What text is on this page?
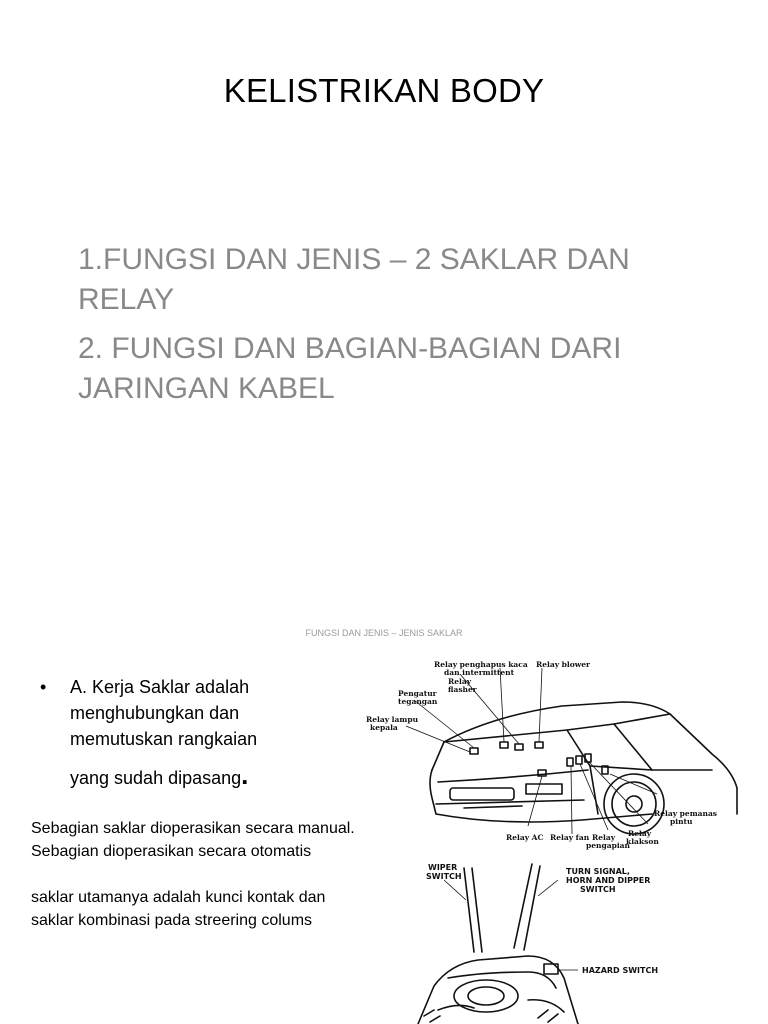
KELISTRIKAN BODY
1.FUNGSI DAN JENIS – 2 SAKLAR DAN RELAY
2. FUNGSI DAN BAGIAN-BAGIAN DARI JARINGAN KABEL
FUNGSI DAN JENIS – JENIS SAKLAR
• A. Kerja Saklar adalah
menghubungkan dan
memutuskan rangkaian
yang sudah dipasang.
Sebagian saklar dioperasikan secara manual.
Sebagian dioperasikan secara otomatis
saklar utamanya adalah kunci kontak dan
saklar kombinasi pada streering colums
Relay penghapus kaca
dan intermittent
Relay blower
Relay
flasher
Pengatur
tegangan
Relay lampu
kepala
Relay pemanas
pintu
Relay AC Relay fan Relay
pengapian
Relay
klakson
WIPER
SWITCH
TURN SIGNAL,
HORN AND DIPPER
SWITCH
HAZARD SWITCH
